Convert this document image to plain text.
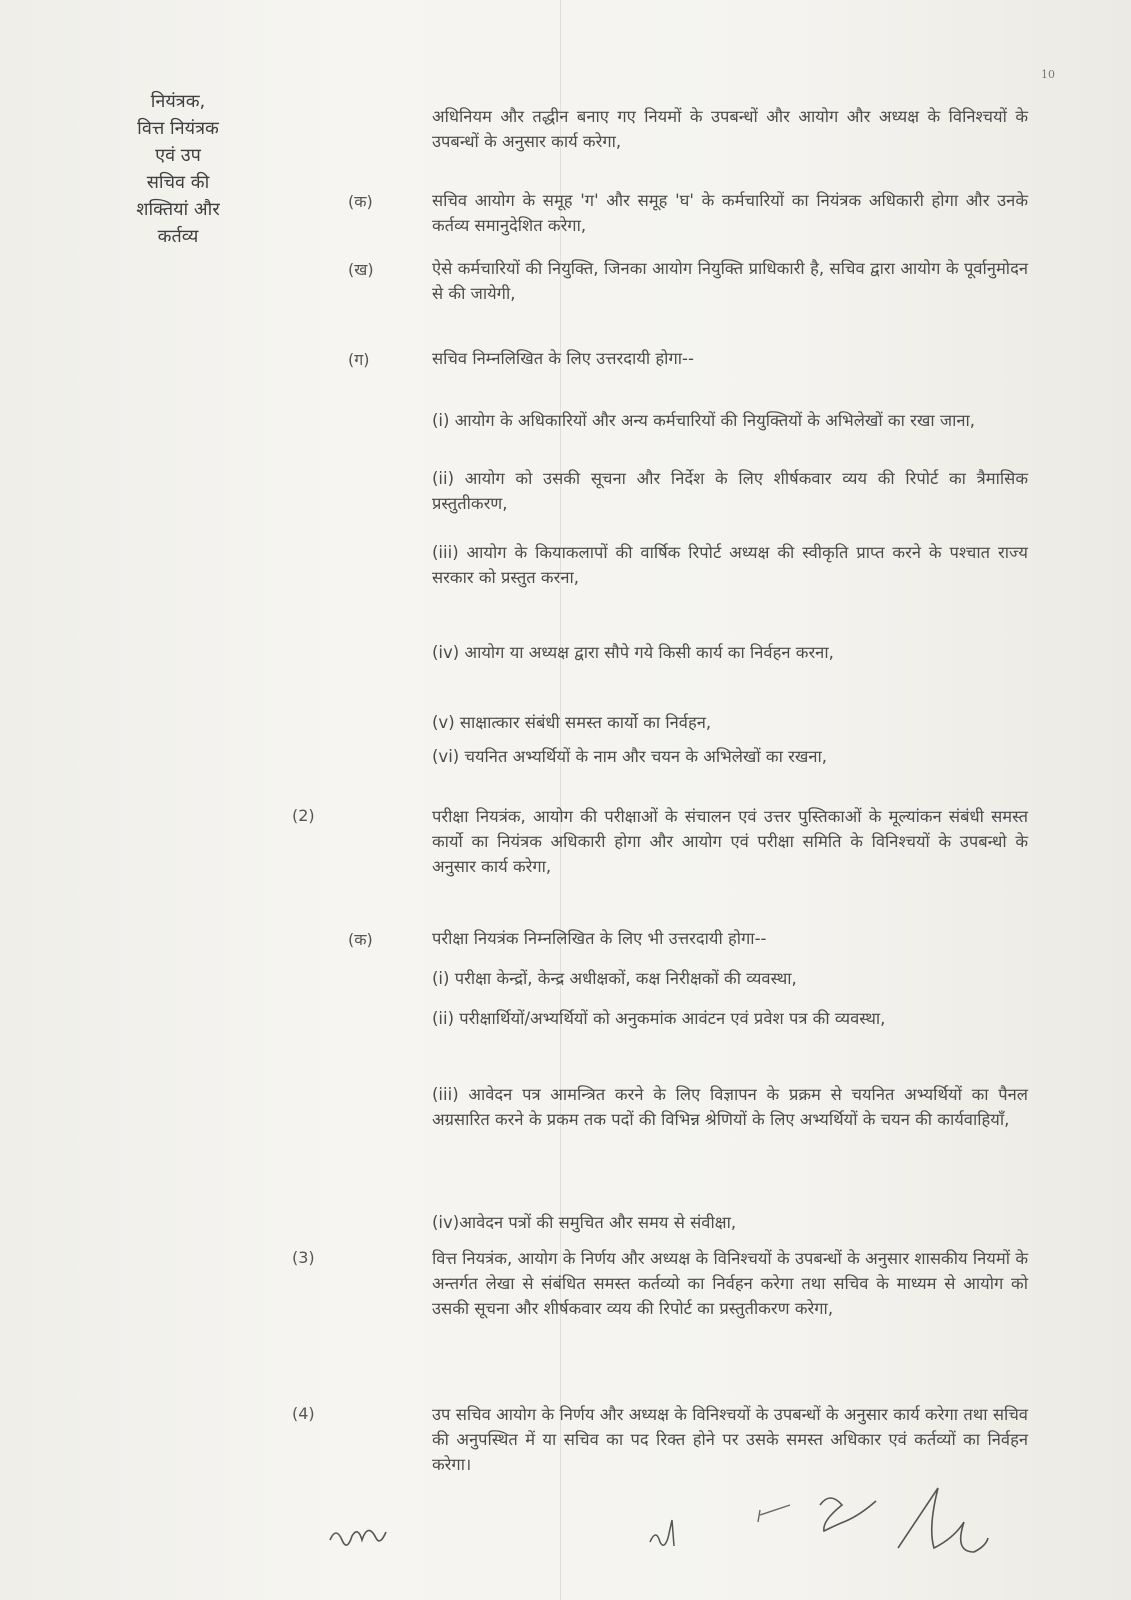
10
नियंत्रक,
वित्त नियंत्रक
एवं उप
सचिव की
शक्तियां और
कर्तव्य
अधिनियम और तद्धीन बनाए गए नियमों के उपबन्धों और आयोग और अध्यक्ष के विनिश्चयों के उपबन्धों के अनुसार कार्य करेगा,
(क)	सचिव आयोग के समूह 'ग' और समूह 'घ' के कर्मचारियों का नियंत्रक अधिकारी होगा और उनके कर्तव्य समानुदेशित करेगा,
(ख)	ऐसे कर्मचारियों की नियुक्ति, जिनका आयोग नियुक्ति प्राधिकारी है, सचिव द्वारा आयोग के पूर्वानुमोदन से की जायेगी,
(ग)	सचिव निम्नलिखित के लिए उत्तरदायी होगा--
(i) आयोग के अधिकारियों और अन्य कर्मचारियों की नियुक्तियों के अभिलेखों का रखा जाना,
(ii) आयोग को उसकी सूचना और निर्देश के लिए शीर्षकवार व्यय की रिपोर्ट का त्रैमासिक प्रस्तुतीकरण,
(iii) आयोग के कियाकलापों की वार्षिक रिपोर्ट अध्यक्ष की स्वीकृति प्राप्त करने के पश्चात राज्य सरकार को प्रस्तुत करना,
(iv) आयोग या अध्यक्ष द्वारा सौपे गये किसी कार्य का निर्वहन करना,
(v) साक्षात्कार संबंधी समस्त कार्यो का निर्वहन,
(vi) चयनित अभ्यर्थियों के नाम और चयन के अभिलेखों का रखना,
(2)	परीक्षा नियत्रंक, आयोग की परीक्षाओं के संचालन एवं उत्तर पुस्तिकाओं के मूल्यांकन संबंधी समस्त कार्यो का नियंत्रक अधिकारी होगा और आयोग एवं परीक्षा समिति के विनिश्चयों के उपबन्धो के अनुसार कार्य करेगा,
(क)	परीक्षा नियत्रंक निम्नलिखित के लिए भी उत्तरदायी होगा--
(i) परीक्षा केन्द्रों, केन्द्र अधीक्षकों, कक्ष निरीक्षकों की व्यवस्था,
(ii) परीक्षार्थियों/अभ्यर्थियों को अनुकमांक आवंटन एवं प्रवेश पत्र की व्यवस्था,
(iii) आवेदन पत्र आमन्त्रित करने के लिए विज्ञापन के प्रक्रम से चयनित अभ्यर्थियों का पैनल अग्रसारित करने के प्रकम तक पदों की विभिन्न श्रेणियों के लिए अभ्यर्थियों के चयन की कार्यवाहियॉं,
(iv)आवेदन पत्रों की समुचित और समय से संवीक्षा,
(3)	वित्त नियत्रंक, आयोग के निर्णय और अध्यक्ष के विनिश्चयों के उपबन्धों के अनुसार शासकीय नियमों के अन्तर्गत लेखा से संबंधित समस्त कर्तव्यो का निर्वहन करेगा तथा सचिव के माध्यम से आयोग को उसकी सूचना और शीर्षकवार व्यय की रिपोर्ट का प्रस्तुतीकरण करेगा,
(4)	उप सचिव आयोग के निर्णय और अध्यक्ष के विनिश्चयों के उपबन्धों के अनुसार कार्य करेगा तथा सचिव की अनुपस्थित में या सचिव का पद रिक्त होने पर उसके समस्त अधिकार एवं कर्तव्यों का निर्वहन करेगा।
